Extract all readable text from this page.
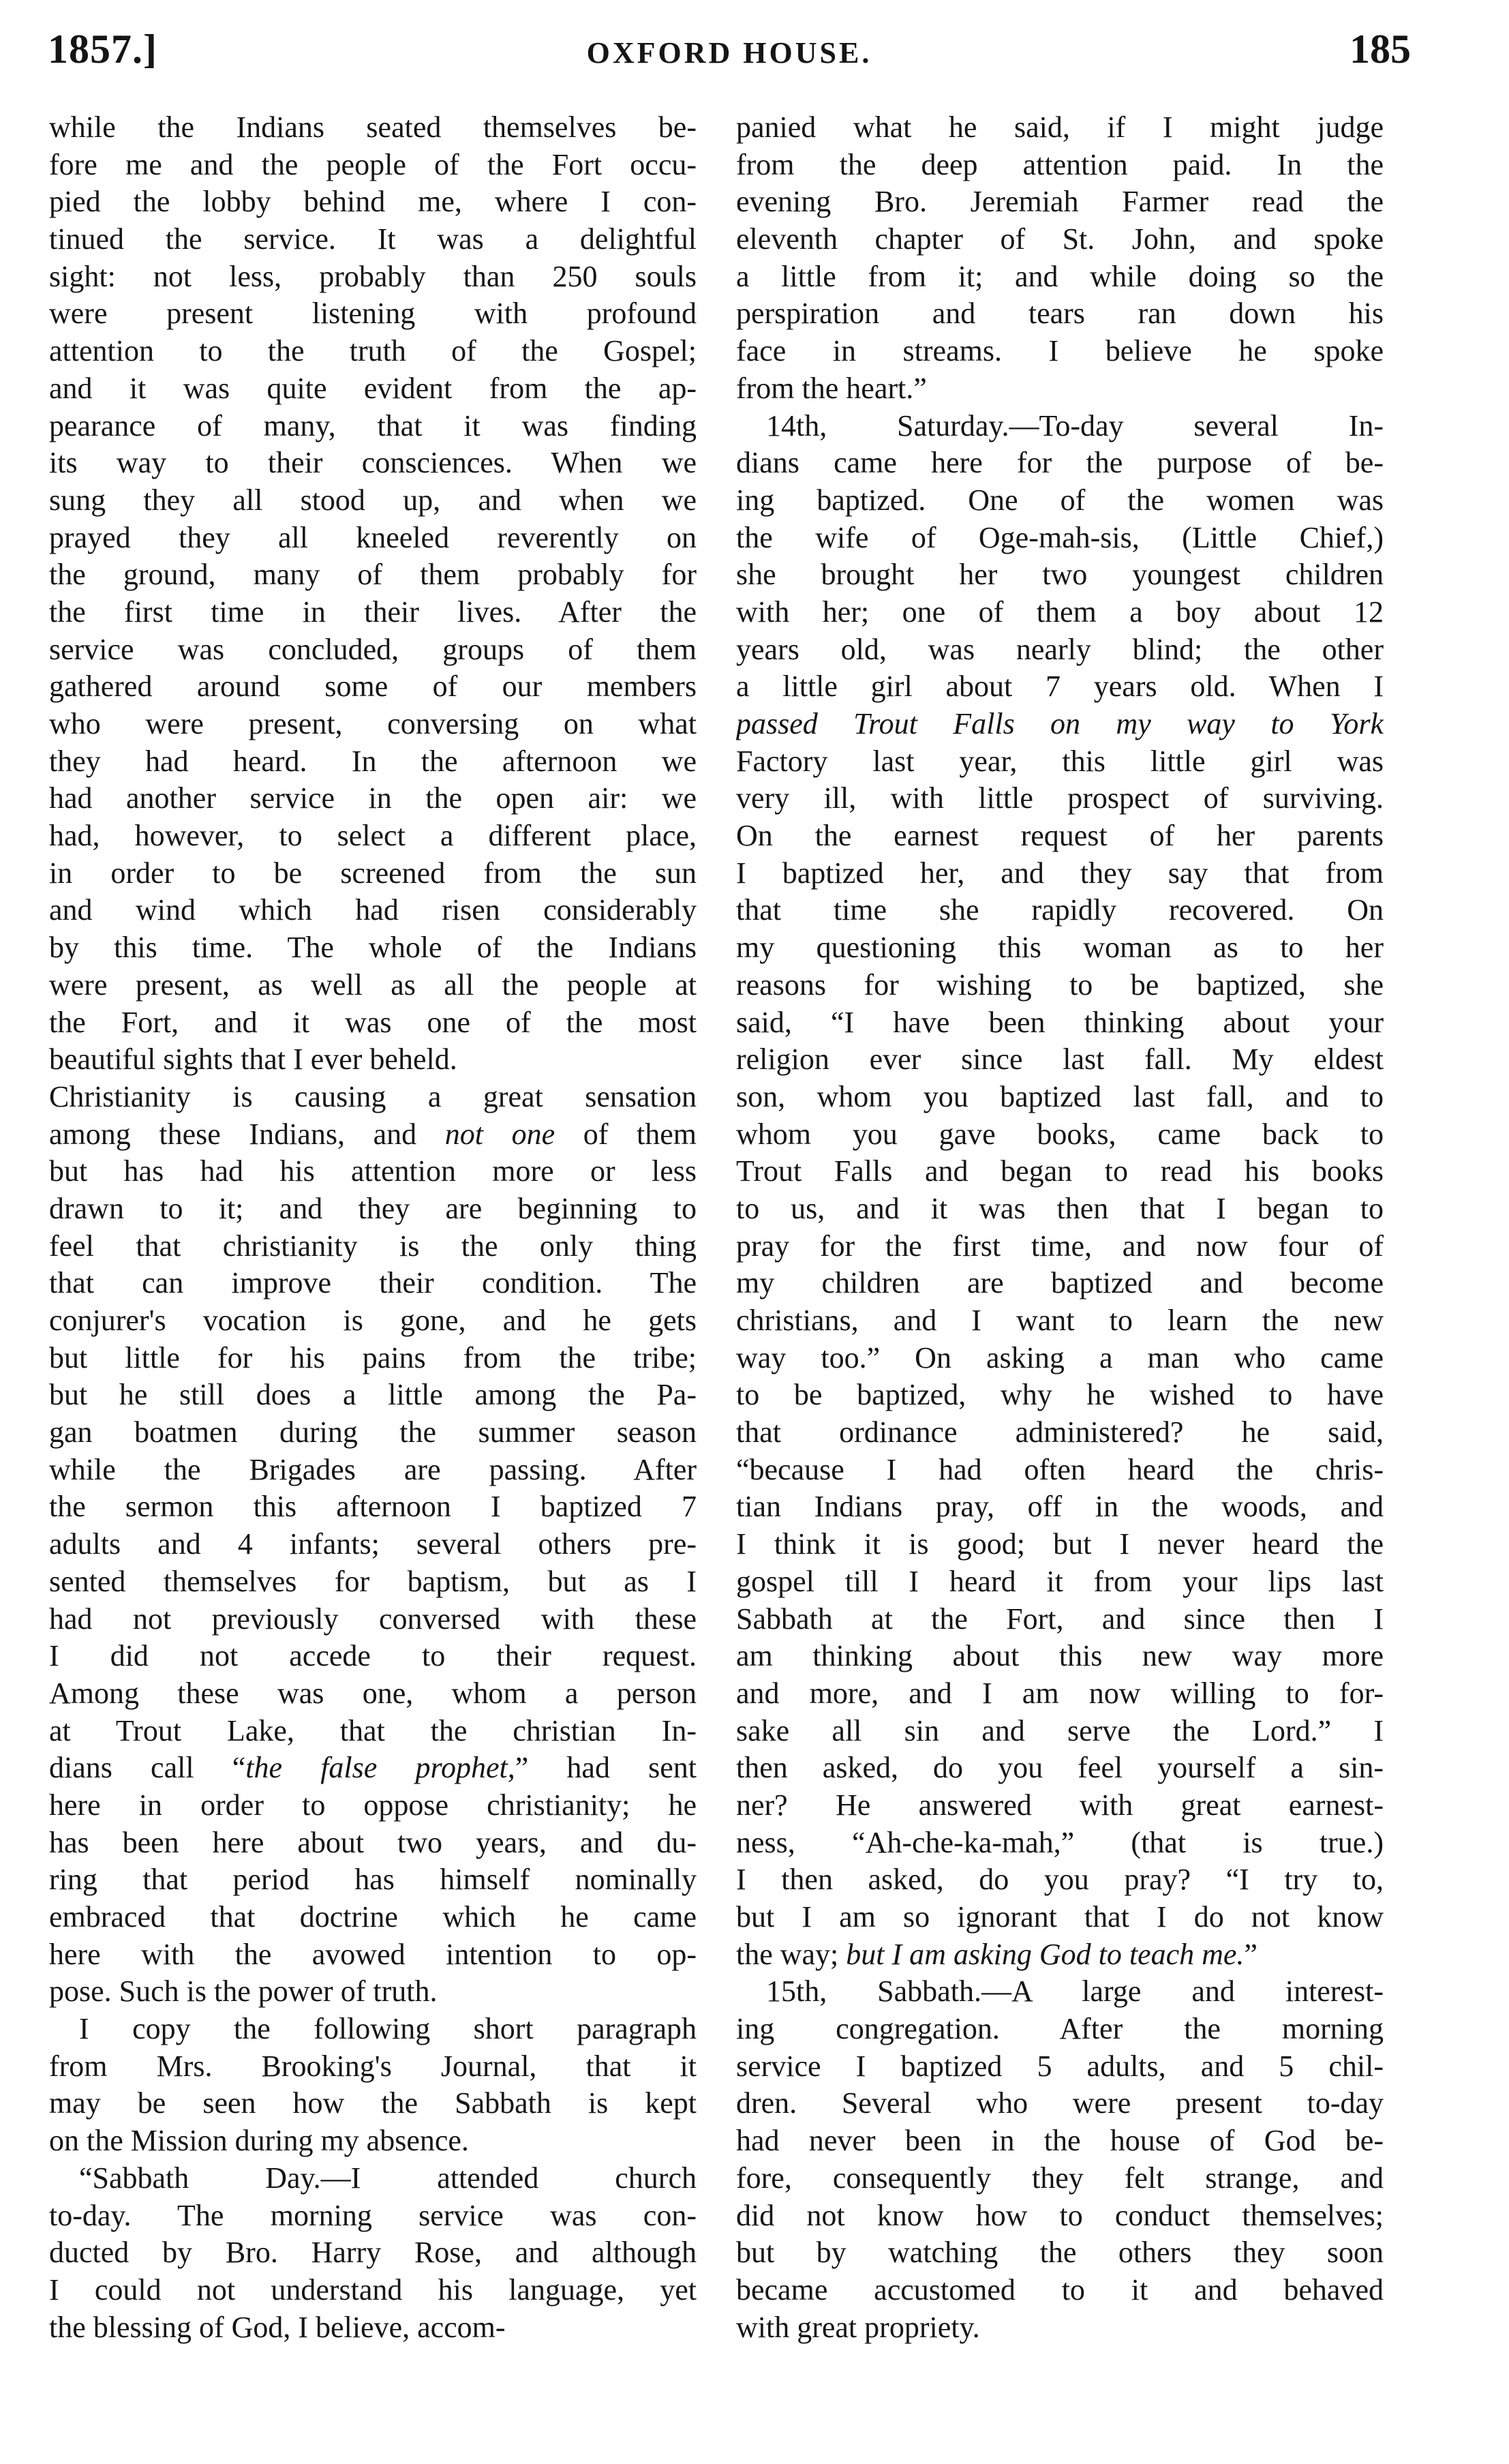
1857.]	OXFORD HOUSE.	185
while the Indians seated themselves be-
fore me and the people of the Fort occu-
pied the lobby behind me, where I con-
tinued the service. It was a delightful
sight: not less, probably than 250 souls
were present listening with profound
attention to the truth of the Gospel;
and it was quite evident from the ap-
pearance of many, that it was finding
its way to their consciences. When we
sung they all stood up, and when we
prayed they all kneeled reverently on
the ground, many of them probably for
the first time in their lives. After the
service was concluded, groups of them
gathered around some of our members
who were present, conversing on what
they had heard. In the afternoon we
had another service in the open air: we
had, however, to select a different place,
in order to be screened from the sun
and wind which had risen considerably
by this time. The whole of the Indians
were present, as well as all the people at
the Fort, and it was one of the most
beautiful sights that I ever beheld.
Christianity is causing a great sensation
among these Indians, and not one of them
but has had his attention more or less
drawn to it; and they are beginning to
feel that christianity is the only thing
that can improve their condition. The
conjurer's vocation is gone, and he gets
but little for his pains from the tribe;
but he still does a little among the Pa-
gan boatmen during the summer season
while the Brigades are passing. After
the sermon this afternoon I baptized 7
adults and 4 infants; several others pre-
sented themselves for baptism, but as I
had not previously conversed with these
I did not accede to their request.
Among these was one, whom a person
at Trout Lake, that the christian In-
dians call “the false prophet,” had sent
here in order to oppose christianity; he
has been here about two years, and du-
ring that period has himself nominally
embraced that doctrine which he came
here with the avowed intention to op-
pose. Such is the power of truth.
I copy the following short paragraph
from Mrs. Brooking's Journal, that it
may be seen how the Sabbath is kept
on the Mission during my absence.
“Sabbath Day.—I attended church
to-day. The morning service was con-
ducted by Bro. Harry Rose, and although
I could not understand his language, yet
the blessing of God, I believe, accom-
panied what he said, if I might judge
from the deep attention paid. In the
evening Bro. Jeremiah Farmer read the
eleventh chapter of St. John, and spoke
a little from it; and while doing so the
perspiration and tears ran down his
face in streams. I believe he spoke
from the heart.”
14th, Saturday.—To-day several In-
dians came here for the purpose of be-
ing baptized. One of the women was
the wife of Oge-mah-sis, (Little Chief,)
she brought her two youngest children
with her; one of them a boy about 12
years old, was nearly blind; the other
a little girl about 7 years old. When I
passed Trout Falls on my way to York
Factory last year, this little girl was
very ill, with little prospect of surviving.
On the earnest request of her parents
I baptized her, and they say that from
that time she rapidly recovered. On
my questioning this woman as to her
reasons for wishing to be baptized, she
said, “I have been thinking about your
religion ever since last fall. My eldest
son, whom you baptized last fall, and to
whom you gave books, came back to
Trout Falls and began to read his books
to us, and it was then that I began to
pray for the first time, and now four of
my children are baptized and become
christians, and I want to learn the new
way too.” On asking a man who came
to be baptized, why he wished to have
that ordinance administered? he said,
“because I had often heard the chris-
tian Indians pray, off in the woods, and
I think it is good; but I never heard the
gospel till I heard it from your lips last
Sabbath at the Fort, and since then I
am thinking about this new way more
and more, and I am now willing to for-
sake all sin and serve the Lord.” I
then asked, do you feel yourself a sin-
ner? He answered with great earnest-
ness, “Ah-che-ka-mah,” (that is true.)
I then asked, do you pray? “I try to,
but I am so ignorant that I do not know
the way; but I am asking God to teach me.”
15th, Sabbath.—A large and interest-
ing congregation. After the morning
service I baptized 5 adults, and 5 chil-
dren. Several who were present to-day
had never been in the house of God be-
fore, consequently they felt strange, and
did not know how to conduct themselves;
but by watching the others they soon
became accustomed to it and behaved
with great propriety.
